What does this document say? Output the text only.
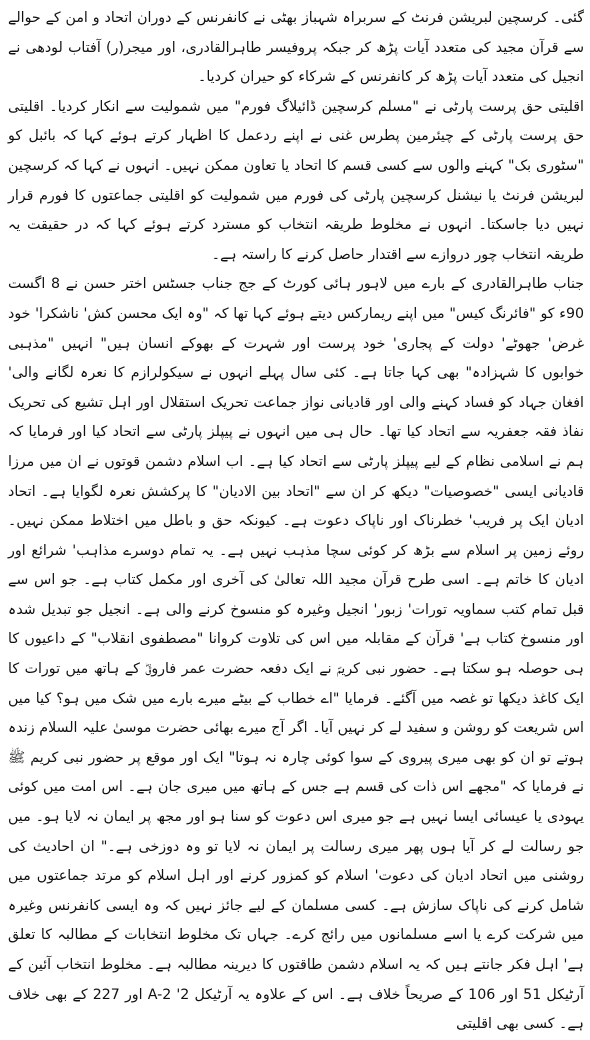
گئی۔ کرسچین لبریشن فرنٹ کے سربراہ شہباز بھٹی نے کانفرنس کے دوران اتحاد و امن کے حوالے سے قرآن مجید کی متعدد آیات پڑھ کر جبکہ پروفیسر طاہرالقادری، اور میجر(ر) آفتاب لودھی نے انجیل کی متعدد آیات پڑھ کر کانفرنس کے شرکاء کو حیران کردیا۔

اقلیتی حق پرست پارٹی نے "مسلم کرسچین ڈائیلاگ فورم" میں شمولیت سے انکار کردیا۔ اقلیتی حق پرست پارٹی کے چیئرمین پطرس غنی نے اپنے ردعمل کا اظہار کرتے ہوئے کہا کہ بائبل کو "سٹوری بک" کہنے والوں سے کسی قسم کا اتحاد یا تعاون ممکن نہیں۔ انہوں نے کہا کہ کرسچین لبریشن فرنٹ یا نیشنل کرسچین پارٹی کی فورم میں شمولیت کو اقلیتی جماعتوں کا فورم قرار نہیں دیا جاسکتا۔ انہوں نے مخلوط طریقہ انتخاب کو مسترد کرتے ہوئے کہا کہ در حقیقت یہ طریقہ انتخاب چور دروازے سے اقتدار حاصل کرنے کا راستہ ہے۔

جناب طاہرالقادری کے بارے میں لاہور ہائی کورٹ کے جج جناب جسٹس اختر حسن نے 8 اگست 90ء کو "فائرنگ کیس" میں اپنے ریمارکس دیتے ہوئے کہا تھا کہ "وہ ایک محسن کش' ناشکرا' خود غرض' جھوٹے' دولت کے پجاری' خود پرست اور شہرت کے بھوکے انسان ہیں" انہیں "مذہبی خوابوں کا شہزادہ" بھی کہا جاتا ہے۔ کئی سال پہلے انہوں نے سیکولرازم کا نعرہ لگانے والی' افغان جہاد کو فساد کہنے والی اور قادیانی نواز جماعت تحریک استقلال اور اہل تشیع کی تحریک نفاذ فقہ جعفریہ سے اتحاد کیا تھا۔ حال ہی میں انہوں نے پیپلز پارٹی سے اتحاد کیا اور فرمایا کہ ہم نے اسلامی نظام کے لیے پیپلز پارٹی سے اتحاد کیا ہے۔ اب اسلام دشمن قوتوں نے ان میں مرزا قادیانی ایسی "خصوصیات" دیکھ کر ان سے "اتحاد بین الادیان" کا پرکشش نعرہ لگوایا ہے۔ اتحاد ادیان ایک پر فریب' خطرناک اور ناپاک دعوت ہے۔ کیونکہ حق و باطل میں اختلاط ممکن نہیں۔ روئے زمین پر اسلام سے بڑھ کر کوئی سچا مذہب نہیں ہے۔ یہ تمام دوسرے مذاہب' شرائع اور ادیان کا خاتم ہے۔ اسی طرح قرآن مجید اللہ تعالیٰ کی آخری اور مکمل کتاب ہے۔ جو اس سے قبل تمام کتب سماویہ تورات' زبور' انجیل وغیرہ کو منسوخ کرنے والی ہے۔ انجیل جو تبدیل شدہ اور منسوخ کتاب ہے' قرآن کے مقابلہ میں اس کی تلاوت کروانا "مصطفوی انقلاب" کے داعیوں کا ہی حوصلہ ہو سکتا ہے۔ حضور نبی کریمؐ نے ایک دفعہ حضرت عمر فاروقؓ کے ہاتھ میں تورات کا ایک کاغذ دیکھا تو غصہ میں آگئے۔ فرمایا "اے خطاب کے بیٹے میرے بارے میں شک میں ہو؟ کیا میں اس شریعت کو روشن و سفید لے کر نہیں آیا۔ اگر آج میرے بھائی حضرت موسیٰ علیہ السلام زندہ ہوتے تو ان کو بھی میری پیروی کے سوا کوئی چارہ نہ ہوتا" ایک اور موقع پر حضور نبی کریم ﷺ نے فرمایا کہ "مجھے اس ذات کی قسم ہے جس کے ہاتھ میں میری جان ہے۔ اس امت میں کوئی یہودی یا عیسائی ایسا نہیں ہے جو میری اس دعوت کو سنا ہو اور مجھ پر ایمان نہ لایا ہو۔ میں جو رسالت لے کر آیا ہوں پھر میری رسالت پر ایمان نہ لایا تو وہ دوزخی ہے۔" ان احادیث کی روشنی میں اتحاد ادیان کی دعوت' اسلام کو کمزور کرنے اور اہل اسلام کو مرتد جماعتوں میں شامل کرنے کی ناپاک سازش ہے۔ کسی مسلمان کے لیے جائز نہیں کہ وہ ایسی کانفرنس وغیرہ میں شرکت کرے یا اسے مسلمانوں میں رائج کرے۔ جہاں تک مخلوط انتخابات کے مطالبہ کا تعلق ہے' اہل فکر جانتے ہیں کہ یہ اسلام دشمن طاقتوں کا دیرینہ مطالبہ ہے۔ مخلوط انتخاب آئین کے آرٹیکل 51 اور 106 کے صریحاً خلاف ہے۔ اس کے علاوہ یہ آرٹیکل 2' A-2 اور 227 کے بھی خلاف ہے۔ کسی بھی اقلیتی
